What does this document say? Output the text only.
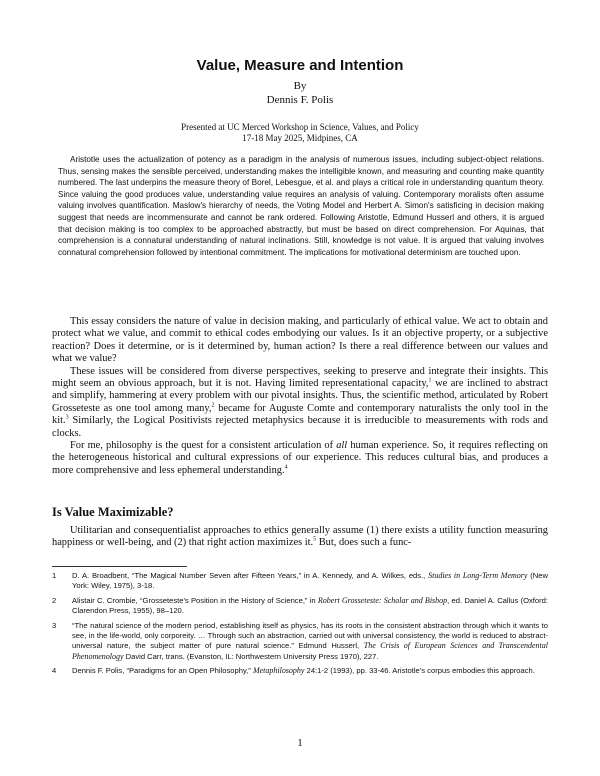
Value, Measure and Intention
By
Dennis F. Polis
Presented at UC Merced Workshop in Science, Values, and Policy
17-18 May 2025, Midpines, CA

Aristotle uses the actualization of potency as a paradigm in the analysis of numerous issues, including subject-object relations. Thus, sensing makes the sensible perceived, understanding makes the intelligible known, and measuring and counting make quantity numbered. The last underpins the measure theory of Borel, Lebesgue, et al. and plays a critical role in understanding quantum theory. Since valuing the good produces value, understanding value requires an analysis of valuing. Contemporary moralists often assume valuing involves quantification. Maslow's hierarchy of needs, the Voting Model and Herbert A. Simon's satisficing in decision making suggest that needs are incommensurate and cannot be rank ordered. Following Aristotle, Edmund Husserl and others, it is argued that decision making is too complex to be approached abstractly, but must be based on direct comprehension. For Aquinas, that comprehension is a connatural understanding of natural inclinations. Still, knowledge is not value. It is argued that valuing involves connatural comprehension followed by intentional commitment. The implications for motivational determinism are touched upon.

This essay considers the nature of value in decision making, and particularly of ethical value. We act to obtain and protect what we value, and commit to ethical codes embodying our values. Is it an objective property, or a subjective reaction? Does it determine, or is it determined by, human action? Is there a real difference between our values and what we value?

These issues will be considered from diverse perspectives, seeking to preserve and integrate their insights. This might seem an obvious approach, but it is not. Having limited representational capacity,$^1$ we are inclined to abstract and simplify, hammering at every problem with our pivotal insights. Thus, the scientific method, articulated by Robert Grosseteste as one tool among many,$^2$ became for Auguste Comte and contemporary naturalists the only tool in the kit.$^3$ Similarly, the Logical Positivists rejected metaphysics because it is irreducible to measurements with rods and clocks.

For me, philosophy is the quest for a consistent articulation of all human experience. So, it requires reflecting on the heterogeneous historical and cultural expressions of our experience. This reduces cultural bias, and produces a more comprehensive and less ephemeral understanding.$^4$

Is Value Maximizable?

Utilitarian and consequentialist approaches to ethics generally assume (1) there exists a utility function measuring happiness or well-being, and (2) that right action maximizes it.$^5$ But, does such a func-

1 D. A. Broadbent, “The Magical Number Seven after Fifteen Years,” in A. Kennedy, and A. Wilkes, eds., Studies in Long-Term Memory (New York: Wiley, 1975), 3-18.
2 Alistair C. Crombie, “Grosseteste's Position in the History of Science,” in Robert Grosseteste: Scholar and Bishop, ed. Daniel A. Callus (Oxford: Clarendon Press, 1955), 98–120.
3 “The natural science of the modern period, establishing itself as physics, has its roots in the consistent abstraction through which it wants to see, in the life-world, only corporeity. … Through such an abstraction, carried out with universal consistency, the world is reduced to abstract-universal nature, the subject matter of pure natural science.” Edmund Husserl, The Crisis of European Sciences and Transcendental Phenomenology David Carr, trans. (Evanston, IL: Northwestern University Press 1970), 227.
4 Dennis F. Polis, “Paradigms for an Open Philosophy,” Metaphilosophy 24:1-2 (1993), pp. 33-46. Aristotle’s corpus embodies this approach.
1
